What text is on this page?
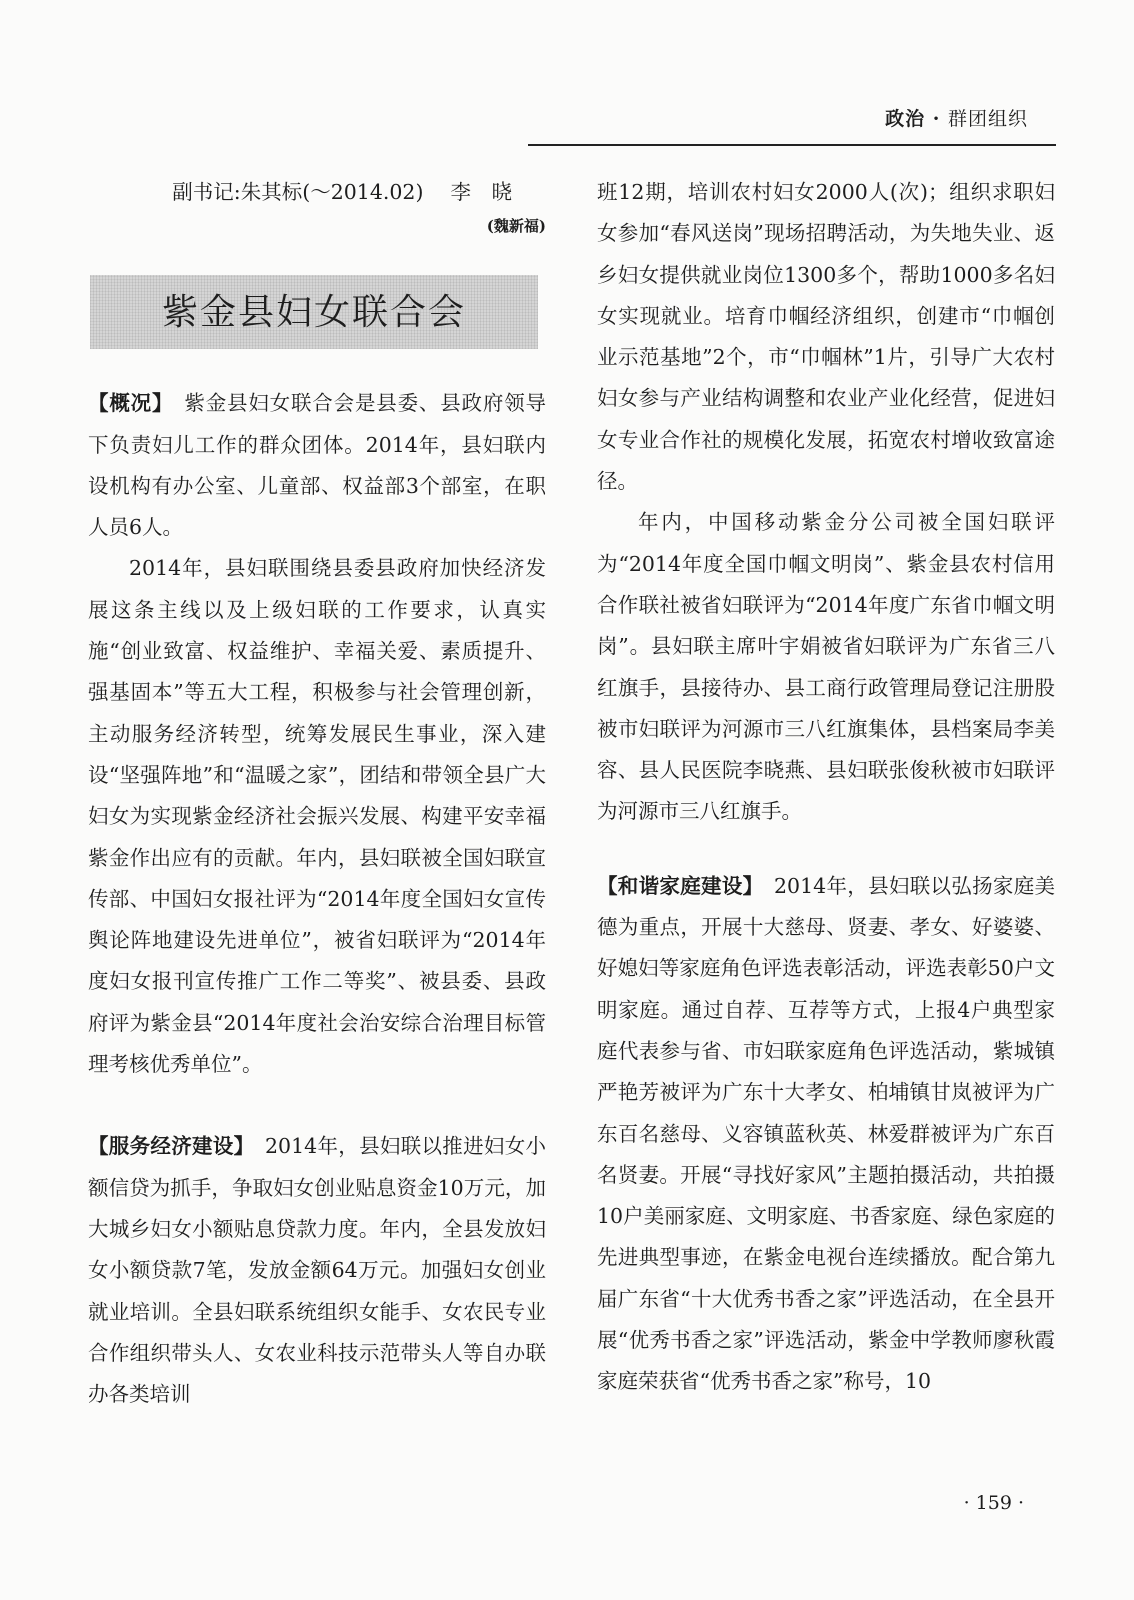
政治 · 群团组织

副书记:朱其标(～2014.02)　 李　晓

(魏新福)

紫金县妇女联合会

【概况】　 紫金县妇女联合会是县委、县政府领导下负责妇儿工作的群众团体。2014年，县妇联内设机构有办公室、儿童部、权益部3个部室，在职人员6人。

2014年，县妇联围绕县委县政府加快经济发展这条主线以及上级妇联的工作要求，认真实施“创业致富、权益维护、幸福关爱、素质提升、强基固本”等五大工程，积极参与社会管理创新，主动服务经济转型，统筹发展民生事业，深入建设“坚强阵地”和“温暖之家”，团结和带领全县广大妇女为实现紫金经济社会振兴发展、构建平安幸福紫金作出应有的贡献。年内，县妇联被全国妇联宣传部、中国妇女报社评为“2014年度全国妇女宣传舆论阵地建设先进单位”，被省妇联评为“2014年度妇女报刊宣传推广工作二等奖”、被县委、县政府评为紫金县“2014年度社会治安综合治理目标管理考核优秀单位”。

【服务经济建设】　 2014年，县妇联以推进妇女小额信贷为抓手，争取妇女创业贴息资金10万元，加大城乡妇女小额贴息贷款力度。年内，全县发放妇女小额贷款7笔，发放金额64万元。加强妇女创业就业培训。全县妇联系统组织女能手、女农民专业合作组织带头人、女农业科技示范带头人等自办联办各类培训

班12期，培训农村妇女2000人(次)；组织求职妇女参加“春风送岗”现场招聘活动，为失地失业、返乡妇女提供就业岗位1300多个，帮助1000多名妇女实现就业。培育巾帼经济组织，创建市“巾帼创业示范基地”2个，市“巾帼林”1片，引导广大农村妇女参与产业结构调整和农业产业化经营，促进妇女专业合作社的规模化发展，拓宽农村增收致富途径。

年内，中国移动紫金分公司被全国妇联评为“2014年度全国巾帼文明岗”、紫金县农村信用合作联社被省妇联评为“2014年度广东省巾帼文明岗”。县妇联主席叶宇娟被省妇联评为广东省三八红旗手，县接待办、县工商行政管理局登记注册股被市妇联评为河源市三八红旗集体，县档案局李美容、县人民医院李晓燕、县妇联张俊秋被市妇联评为河源市三八红旗手。

【和谐家庭建设】　 2014年，县妇联以弘扬家庭美德为重点，开展十大慈母、贤妻、孝女、好婆婆、好媳妇等家庭角色评选表彰活动，评选表彰50户文明家庭。通过自荐、互荐等方式，上报4户典型家庭代表参与省、市妇联家庭角色评选活动，紫城镇严艳芳被评为广东十大孝女、柏埔镇甘岚被评为广东百名慈母、义容镇蓝秋英、林爱群被评为广东百名贤妻。开展“寻找好家风”主题拍摄活动，共拍摄10户美丽家庭、文明家庭、书香家庭、绿色家庭的先进典型事迹，在紫金电视台连续播放。配合第九届广东省“十大优秀书香之家”评选活动，在全县开展“优秀书香之家”评选活动，紫金中学教师廖秋霞家庭荣获省“优秀书香之家”称号，10

· 159 ·
